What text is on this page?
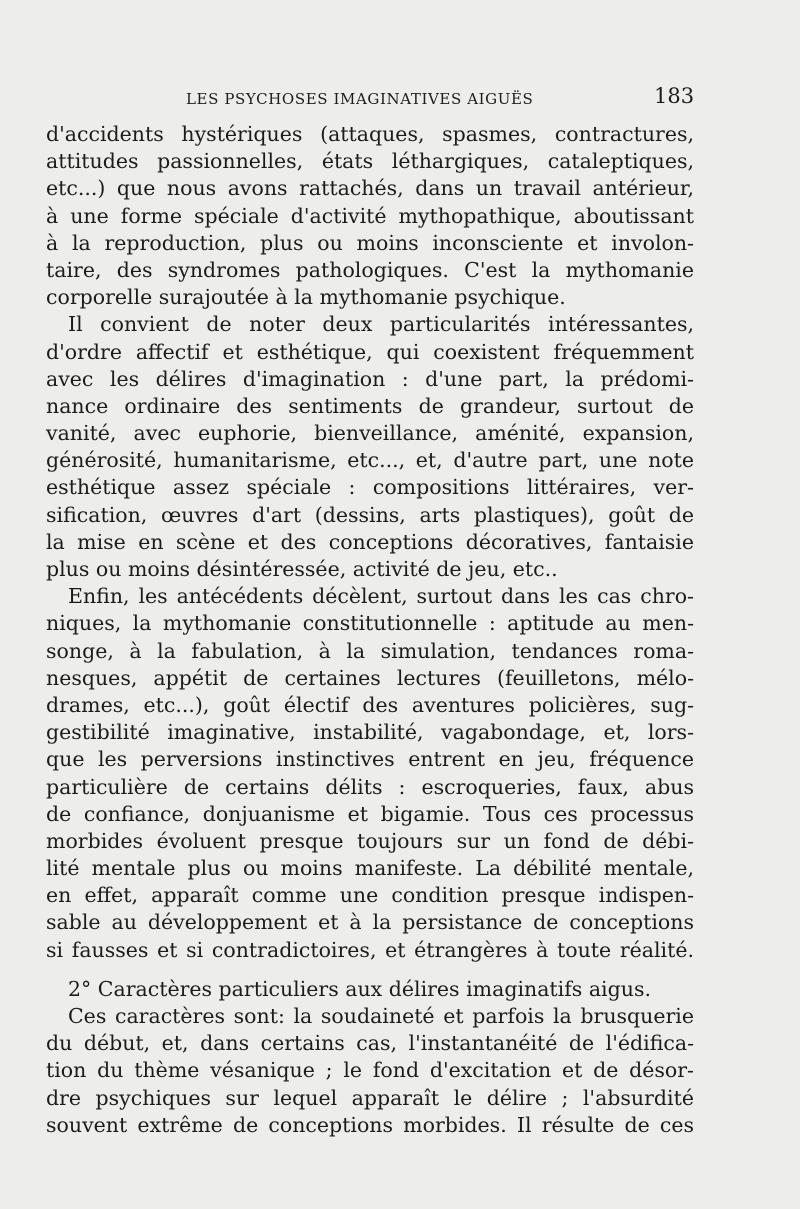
LES PSYCHOSES IMAGINATIVES AIGUËS	183
d'accidents hystériques (attaques, spasmes, contractures,
attitudes passionnelles, états léthargiques, cataleptiques,
etc...) que nous avons rattachés, dans un travail antérieur,
à une forme spéciale d'activité mythopathique, aboutissant
à la reproduction, plus ou moins inconsciente et involon-
taire, des syndromes pathologiques. C'est la mythomanie
corporelle surajoutée à la mythomanie psychique.
Il convient de noter deux particularités intéressantes,
d'ordre affectif et esthétique, qui coexistent fréquemment
avec les délires d'imagination : d'une part, la prédomi-
nance ordinaire des sentiments de grandeur, surtout de
vanité, avec euphorie, bienveillance, aménité, expansion,
générosité, humanitarisme, etc..., et, d'autre part, une note
esthétique assez spéciale : compositions littéraires, ver-
sification, œuvres d'art (dessins, arts plastiques), goût de
la mise en scène et des conceptions décoratives, fantaisie
plus ou moins désintéressée, activité de jeu, etc..
Enfin, les antécédents décèlent, surtout dans les cas chro-
niques, la mythomanie constitutionnelle : aptitude au men-
songe, à la fabulation, à la simulation, tendances roma-
nesques, appétit de certaines lectures (feuilletons, mélo-
drames, etc...), goût électif des aventures policières, sug-
gestibilité imaginative, instabilité, vagabondage, et, lors-
que les perversions instinctives entrent en jeu, fréquence
particulière de certains délits : escroqueries, faux, abus
de confiance, donjuanisme et bigamie. Tous ces processus
morbides évoluent presque toujours sur un fond de débi-
lité mentale plus ou moins manifeste. La débilité mentale,
en effet, apparaît comme une condition presque indispen-
sable au développement et à la persistance de conceptions
si fausses et si contradictoires, et étrangères à toute réalité.
2° Caractères particuliers aux délires imaginatifs aigus.
Ces caractères sont: la soudaineté et parfois la brusquerie
du début, et, dans certains cas, l'instantanéité de l'édifica-
tion du thème vésanique ; le fond d'excitation et de désor-
dre psychiques sur lequel apparaît le délire ; l'absurdité
souvent extrême de conceptions morbides. Il résulte de ces
